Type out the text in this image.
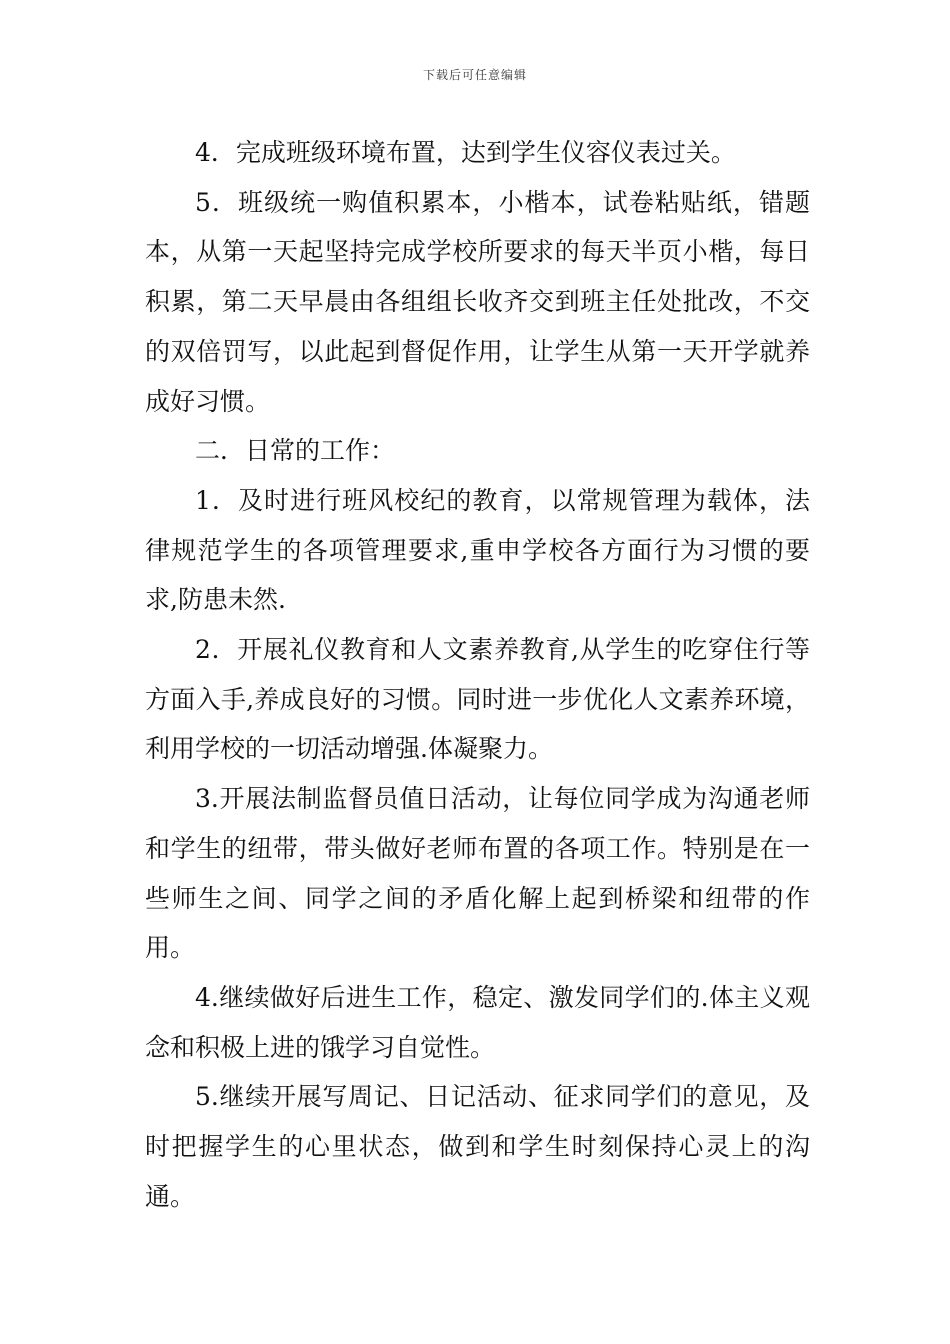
下载后可任意编辑

4．完成班级环境布置，达到学生仪容仪表过关。

5．班级统一购值积累本，小楷本，试卷粘贴纸，错题本，从第一天起坚持完成学校所要求的每天半页小楷，每日积累，第二天早晨由各组组长收齐交到班主任处批改，不交的双倍罚写，以此起到督促作用，让学生从第一天开学就养成好习惯。

二．日常的工作：

1．及时进行班风校纪的教育，以常规管理为载体，法律规范学生的各项管理要求,重申学校各方面行为习惯的要求,防患未然.

2．开展礼仪教育和人文素养教育,从学生的吃穿住行等方面入手,养成良好的习惯。同时进一步优化人文素养环境，利用学校的一切活动增强.体凝聚力。

3.开展法制监督员值日活动，让每位同学成为沟通老师和学生的纽带，带头做好老师布置的各项工作。特别是在一些师生之间、同学之间的矛盾化解上起到桥梁和纽带的作用。

4.继续做好后进生工作，稳定、激发同学们的.体主义观念和积极上进的饿学习自觉性。

5.继续开展写周记、日记活动、征求同学们的意见，及时把握学生的心里状态，做到和学生时刻保持心灵上的沟通。
